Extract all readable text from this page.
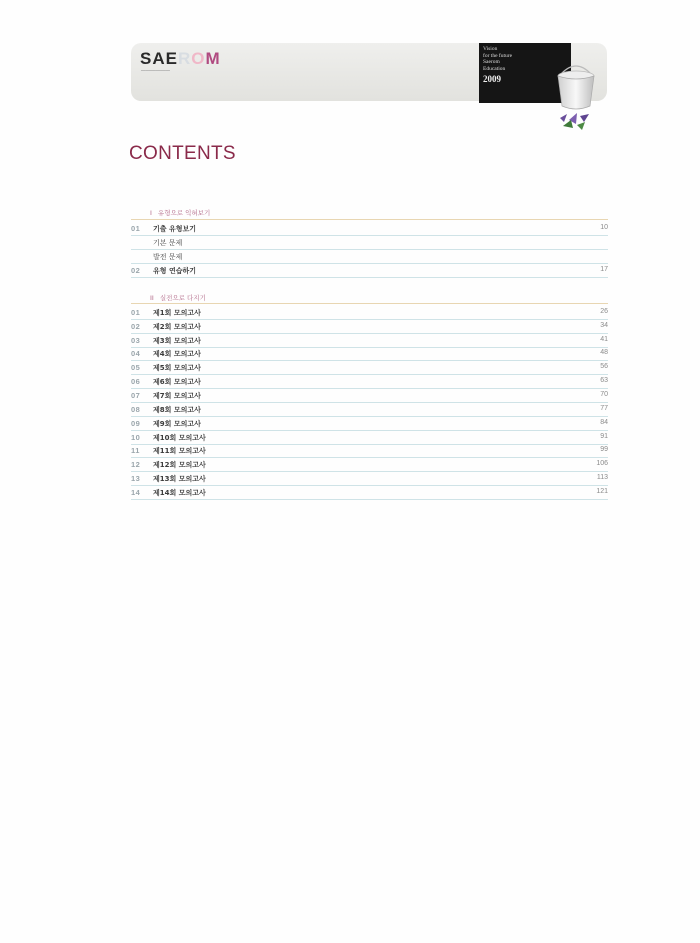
SAEROM
━━━━━━━━━━━━
Vision
for the future
Saerom
Education
2009
CONTENTS
I 유형으로 익혀보기
01 기출 유형보기	10
기본 문제
발전 문제
02 유형 연습하기	17
II 실전으로 다지기
01 제1회 모의고사	26
02 제2회 모의고사	34
03 제3회 모의고사	41
04 제4회 모의고사	48
05 제5회 모의고사	56
06 제6회 모의고사	63
07 제7회 모의고사	70
08 제8회 모의고사	77
09 제9회 모의고사	84
10 제10회 모의고사	91
11 제11회 모의고사	99
12 제12회 모의고사	106
13 제13회 모의고사	113
14 제14회 모의고사	121
